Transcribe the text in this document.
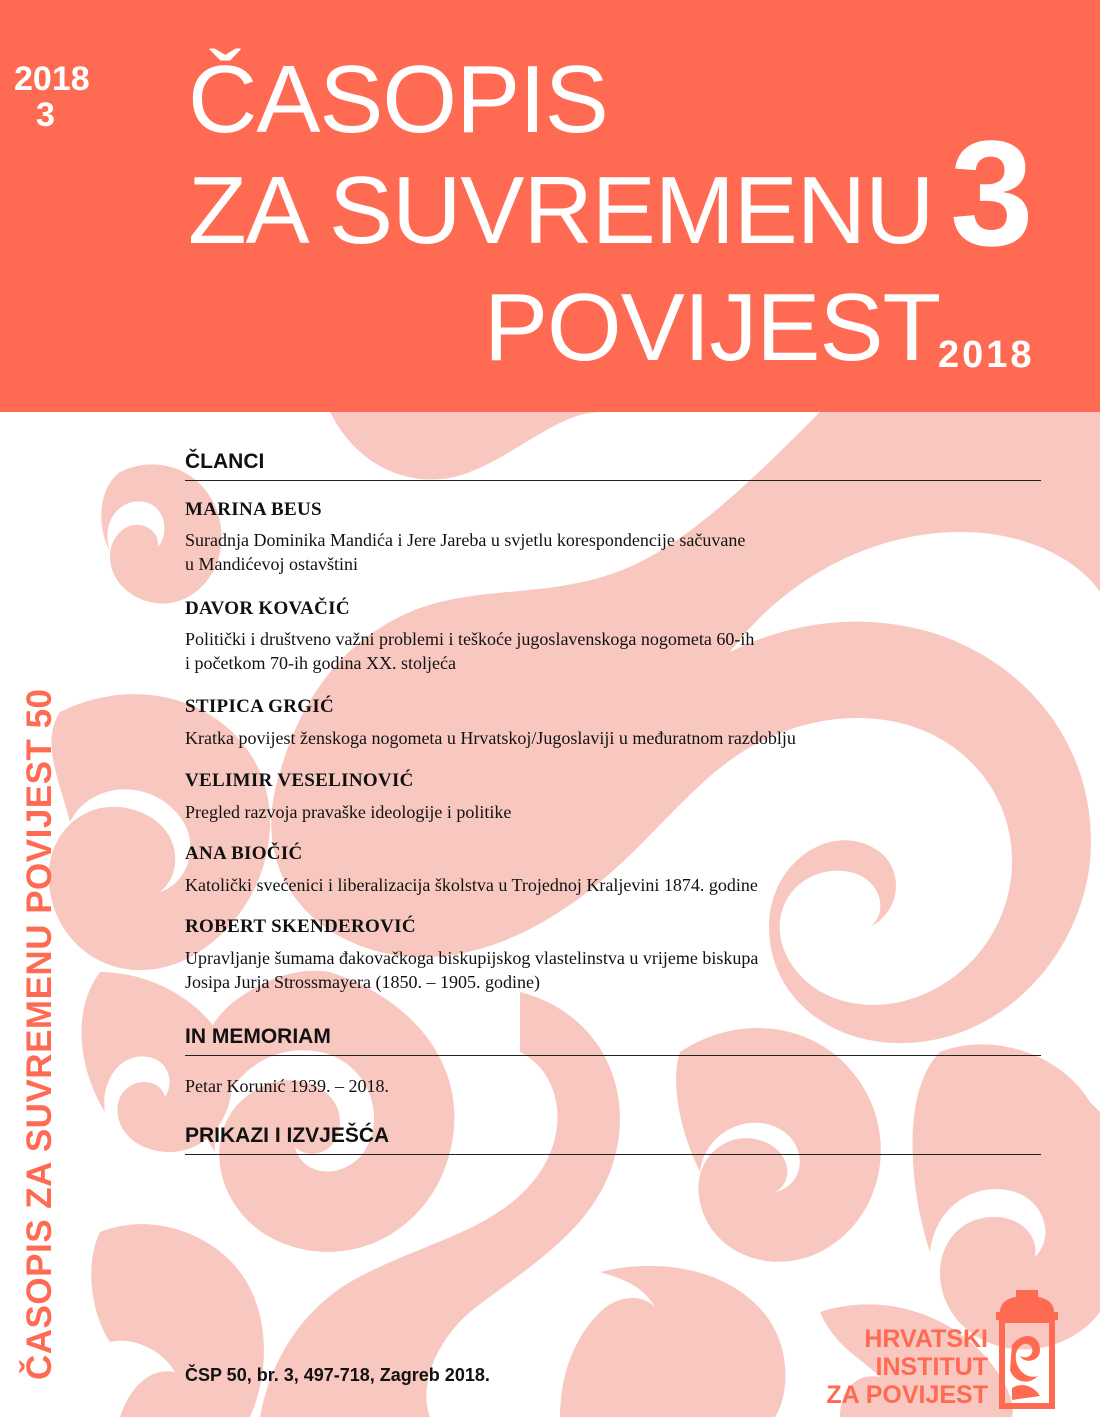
2018
3 ČASOPIS
ZA SUVREMENU
POVIJEST
3
2018
ČASOPIS ZA SUVREMENU POVIJEST 50
ČLANCI
MARINA BEUS
Suradnja Dominika Mandića i Jere Jareba u svjetlu korespondencije sačuvane
u Mandićevoj ostavštini
DAVOR KOVAČIĆ
Politički i društveno važni problemi i teškoće jugoslavenskoga nogometa 60-ih
i početkom 70-ih godina XX. stoljeća
STIPICA GRGIĆ
Kratka povijest ženskoga nogometa u Hrvatskoj/Jugoslaviji u međuratnom razdoblju
VELIMIR VESELINOVIĆ
Pregled razvoja pravaške ideologije i politike
ANA BIOČIĆ
Katolički svećenici i liberalizacija školstva u Trojednoj Kraljevini 1874. godine
ROBERT SKENDEROVIĆ
Upravljanje šumama đakovačkoga biskupijskog vlastelinstva u vrijeme biskupa
Josipa Jurja Strossmayera (1850. – 1905. godine)
IN MEMORIAM
Petar Korunić 1939. – 2018.
PRIKAZI I IZVJEŠĆA
ČSP 50, br. 3, 497-718, Zagreb 2018.
HRVATSKI
INSTITUT
ZA POVIJEST
